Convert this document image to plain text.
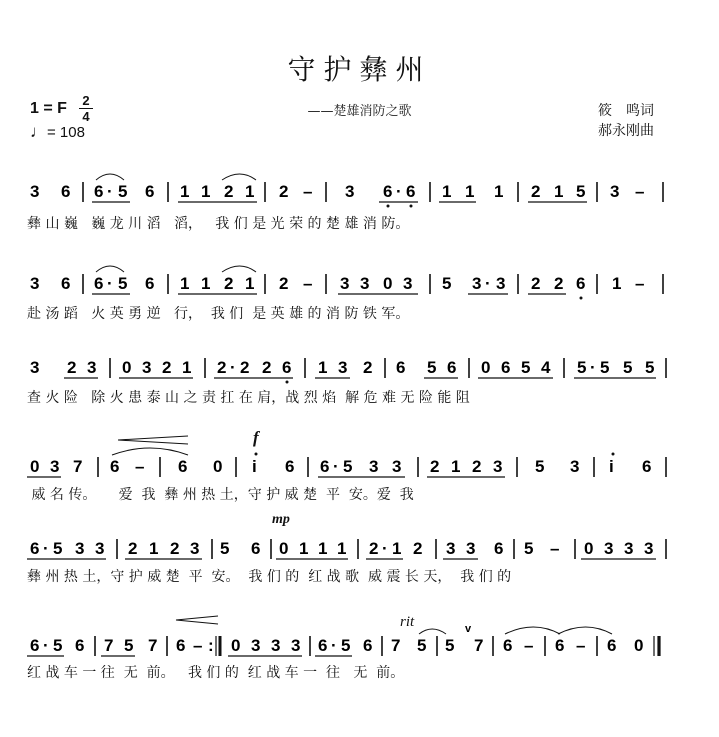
守护彝州
——楚雄消防之歌
1 = F 2
4
♩= 108
筱　鸣词
郝永刚曲
3 6 6 · 5 6 1 1 2 1 2 – 3 6 · 6 1 1 1 2 1 5 3 –
彝 山 巍   巍 龙 川 滔   滔，   我 们 是 光 荣 的 楚 雄 消 防。
3 6 6 · 5 6 1 1 2 1 2 – 3 3 0 3 5 3 · 3 2 2 6 1 –
赴 汤 蹈   火 英 勇 逆   行，  我 们  是 英 雄 的 消 防 铁 军。
3 2 3 0 3 2 1 2 · 2 2 6 1 3 2 6 5 6 0 6 5 4 5 · 5 5 5
查 火 险   除 火 患 泰 山 之 责 扛 在 肩，战 烈 焰  解 危 难 无 险 能 阻
f
0 3 7 6 – 6 0 i 6 6 · 5 3 3 2 1 2 3 5 3 i 6
威 名 传。     爱  我  彝 州 热 土，守 护 威 楚  平  安。爱  我
mp
6 · 5 3 3 2 1 2 3 5 6 0 1 1 1 2 · 1 2 3 3 6 5 – 0 3 3 3
彝 州 热 土，守 护 威 楚  平  安。  我 们 的  红 战 歌  威 震 长 天，  我 们 的
rit
6 · 5 6 7 5 7 6 – : 0 3 3 3 6 · 5 6 7 5 5
v
7 6 – 6 – 6 0
红 战 车 一 往  无  前。   我 们 的  红 战 车 一  往   无  前。
